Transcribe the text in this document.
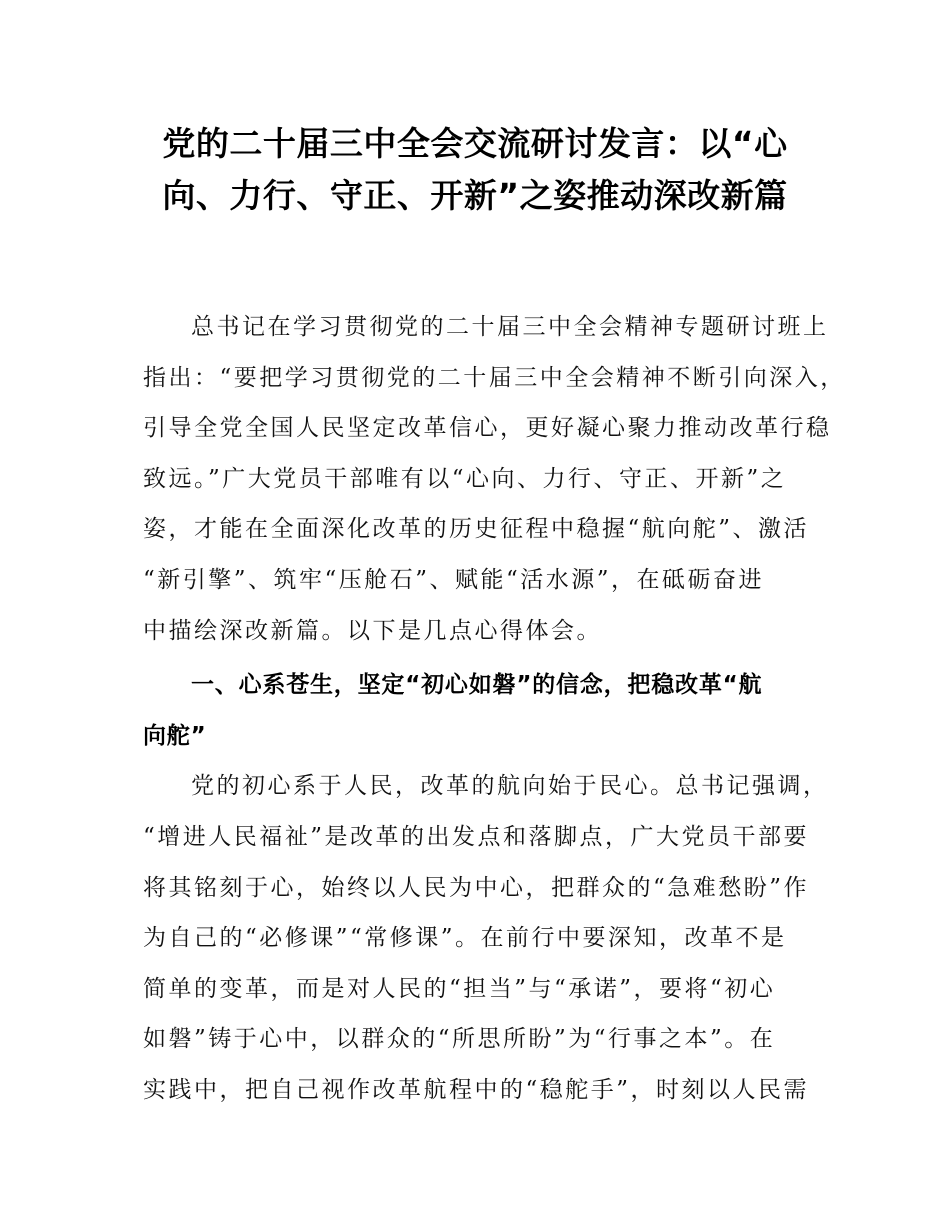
党的二十届三中全会交流研讨发言：以“心
向、力行、守正、开新”之姿推动深改新篇
总书记在学习贯彻党的二十届三中全会精神专题研讨班上
指出：“要把学习贯彻党的二十届三中全会精神不断引向深入，
引导全党全国人民坚定改革信心，更好凝心聚力推动改革行稳
致远。”广大党员干部唯有以“心向、力行、守正、开新”之
姿，才能在全面深化改革的历史征程中稳握“航向舵”、激活
“新引擎”、筑牢“压舱石”、赋能“活水源”，在砥砺奋进
中描绘深改新篇。以下是几点心得体会。
一、心系苍生，坚定“初心如磐”的信念，把稳改革“航
向舵”
党的初心系于人民，改革的航向始于民心。总书记强调，
“增进人民福祉”是改革的出发点和落脚点，广大党员干部要
将其铭刻于心，始终以人民为中心，把群众的“急难愁盼”作
为自己的“必修课”“常修课”。在前行中要深知，改革不是
简单的变革，而是对人民的“担当”与“承诺”，要将“初心
如磐”铸于心中，以群众的“所思所盼”为“行事之本”。在
实践中，把自己视作改革航程中的“稳舵手”，时刻以人民需
